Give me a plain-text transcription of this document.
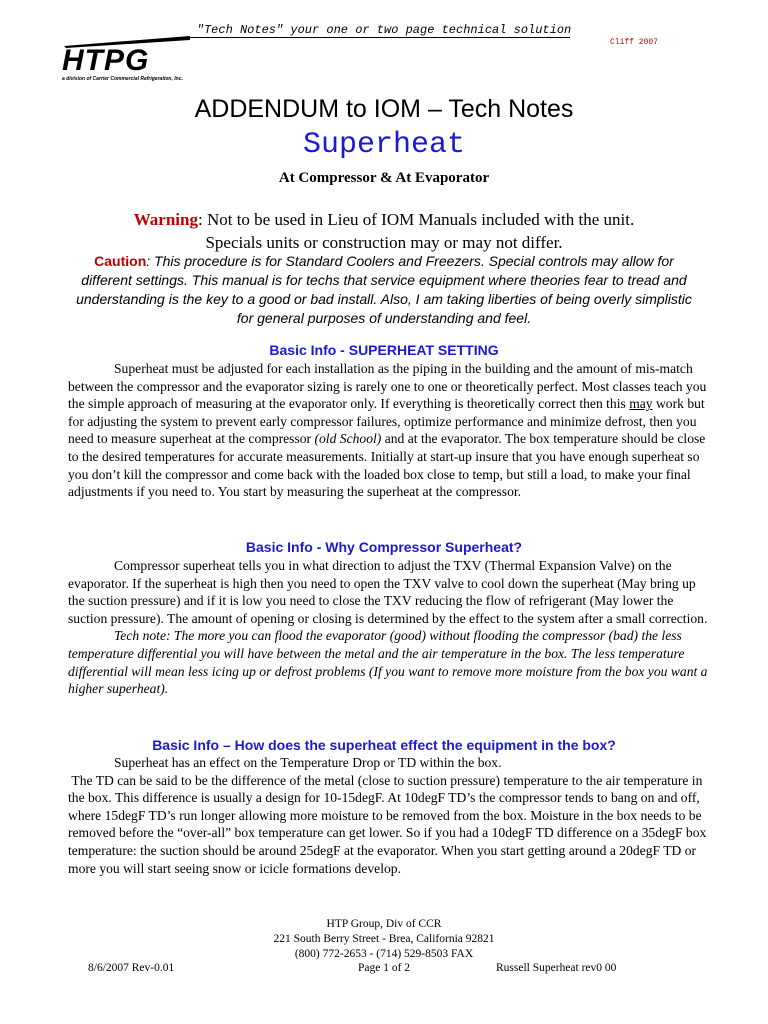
"Tech Notes" your one or two page technical solution
Cliff 2007
HTPG
a division of Carrier Commercial Refrigeration, Inc.
ADDENDUM to IOM – Tech Notes
Superheat
At Compressor & At Evaporator
Warning: Not to be used in Lieu of IOM Manuals included with the unit.
Specials units or construction may or may not differ.
Caution: This procedure is for Standard Coolers and Freezers. Special controls may allow for different settings. This manual is for techs that service equipment where theories fear to tread and understanding is the key to a good or bad install. Also, I am taking liberties of being overly simplistic for general purposes of understanding and feel.
Basic Info - SUPERHEAT SETTING

Superheat must be adjusted for each installation as the piping in the building and the amount of mis-match between the compressor and the evaporator sizing is rarely one to one or theoretically perfect. Most classes teach you the simple approach of measuring at the evaporator only. If everything is theoretically correct then this may work but for adjusting the system to prevent early compressor failures, optimize performance and minimize defrost, then you need to measure superheat at the compressor (old School) and at the evaporator. The box temperature should be close to the desired temperatures for accurate measurements. Initially at start-up insure that you have enough superheat so you don’t kill the compressor and come back with the loaded box close to temp, but still a load, to make your final adjustments if you need to. You start by measuring the superheat at the compressor.

Basic Info - Why Compressor Superheat?

Compressor superheat tells you in what direction to adjust the TXV (Thermal Expansion Valve) on the evaporator. If the superheat is high then you need to open the TXV valve to cool down the superheat (May bring up the suction pressure) and if it is low you need to close the TXV reducing the flow of refrigerant (May lower the suction pressure). The amount of opening or closing is determined by the effect to the system after a small correction.

Tech note: The more you can flood the evaporator (good) without flooding the compressor (bad) the less temperature differential you will have between the metal and the air temperature in the box. The less temperature differential will mean less icing up or defrost problems (If you want to remove more moisture from the box you want a higher superheat).

Basic Info – How does the superheat effect the equipment in the box?

Superheat has an effect on the Temperature Drop or TD within the box.

The TD can be said to be the difference of the metal (close to suction pressure) temperature to the air temperature in the box. This difference is usually a design for 10-15degF. At 10degF TD’s the compressor tends to bang on and off, where 15degF TD’s run longer allowing more moisture to be removed from the box. Moisture in the box needs to be removed before the “over-all” box temperature can get lower. So if you had a 10degF TD difference on a 35degF box temperature: the suction should be around 25degF at the evaporator. When you start getting around a 20degF TD or more you will start seeing snow or icicle formations develop.

HTP Group, Div of CCR
221 South Berry Street - Brea, California 92821
(800) 772-2653 - (714) 529-8503 FAX
8/6/2007 Rev-0.01	Page 1 of 2	Russell Superheat rev0 00
